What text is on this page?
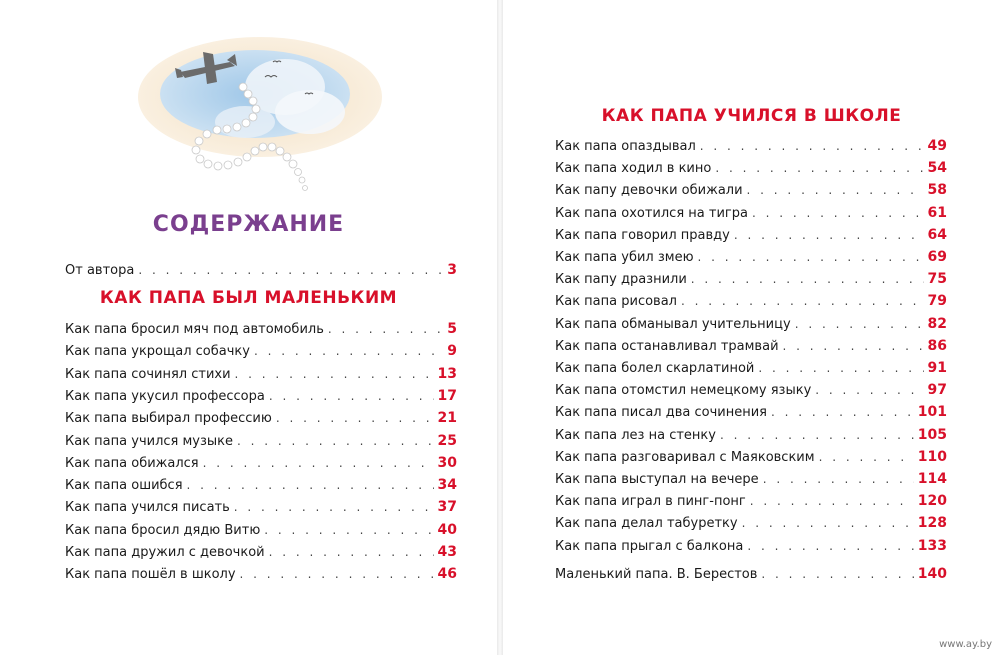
СОДЕРЖАНИЕ
От автора . . .	3
КАК ПАПА БЫЛ МАЛЕНЬКИМ
Как папа бросил мяч под автомобиль . . .	5
Как папа укрощал собачку . . .	9
Как папа сочинял стихи . . .	13
Как папа укусил профессора . . .	17
Как папа выбирал профессию . . .	21
Как папа учился музыке . . .	25
Как папа обижался . . .	30
Как папа ошибся . . .	34
Как папа учился писать . . .	37
Как папа бросил дядю Витю . . .	40
Как папа дружил с девочкой . . .	43
Как папа пошёл в школу . . .	46
КАК ПАПА УЧИЛСЯ В ШКОЛЕ
Как папа опаздывал . . .	49
Как папа ходил в кино . . .	54
Как папу девочки обижали . . .	58
Как папа охотился на тигра . . .	61
Как папа говорил правду . . .	64
Как папа убил змею . . .	69
Как папу дразнили . . .	75
Как папа рисовал . . .	79
Как папа обманывал учительницу . . .	82
Как папа останавливал трамвай . . .	86
Как папа болел скарлатиной . . .	91
Как папа отомстил немецкому языку . . .	97
Как папа писал два сочинения . . .	101
Как папа лез на стенку . . .	105
Как папа разговаривал с Маяковским . . .	110
Как папа выступал на вечере . . .	114
Как папа играл в пинг-понг . . .	120
Как папа делал табуретку . . .	128
Как папа прыгал с балкона . . .	133
Маленький папа. В. Берестов . . .	140
www.ay.by
